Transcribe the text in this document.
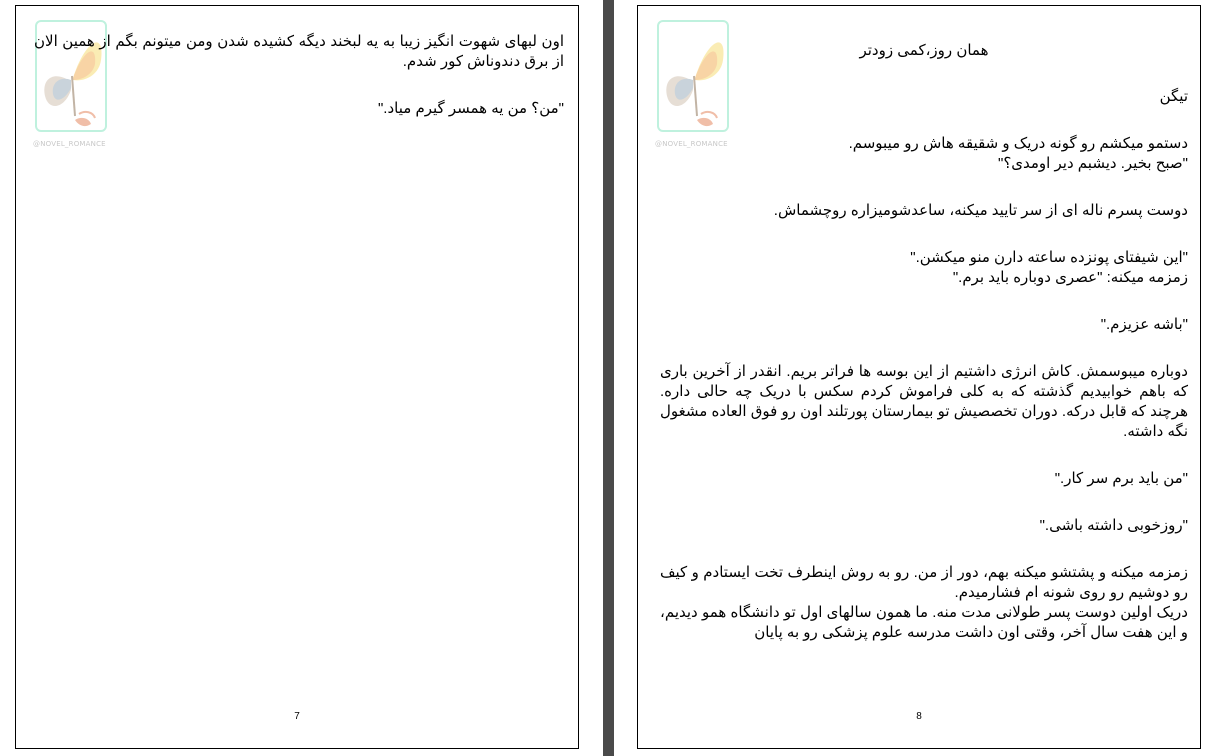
@NOVEL_ROMANCE

اون لبهای شهوت انگیز زیبا به یه لبخند دیگه کشیده شدن ومن میتونم بگم از همین الان از برق دندوناش کور شدم.

"من؟ من یه همسر گیرم میاد."

7
@NOVEL_ROMANCE

همان روز،کمی زودتر

تیگن

دستمو میکشم رو گونه دریک و شقیقه هاش رو میبوسم.

"صبح بخیر. دیشبم دیر اومدی؟"

دوست پسرم ناله ای از سر تایید میکنه، ساعدشومیزاره روچشماش.

"این شیفتای پونزده ساعته دارن منو میکشن."

زمزمه میکنه: "عصری دوباره باید برم."

"باشه عزیزم."

دوباره میبوسمش. کاش انرژی داشتیم از این بوسه ها فراتر بریم. انقدر از آخرین باری که باهم خوابیدیم گذشته که به کلی فراموش کردم سکس با دریک چه حالی داره. هرچند که قابل درکه. دوران تخصصیش تو بیمارستان پورتلند اون رو فوق العاده مشغول نگه داشته.

"من باید برم سر کار."

"روزخوبی داشته باشی."

زمزمه میکنه و پشتشو میکنه بهم، دور از من. رو به روش اینطرف تخت ایستادم و کیف رو دوشیم رو روی شونه ام فشارمیدم.

دریک اولین دوست پسر طولانی مدت منه. ما همون سالهای اول تو دانشگاه همو دیدیم، و این هفت سال آخر، وقتی اون داشت مدرسه علوم پزشکی رو به پایان

8
